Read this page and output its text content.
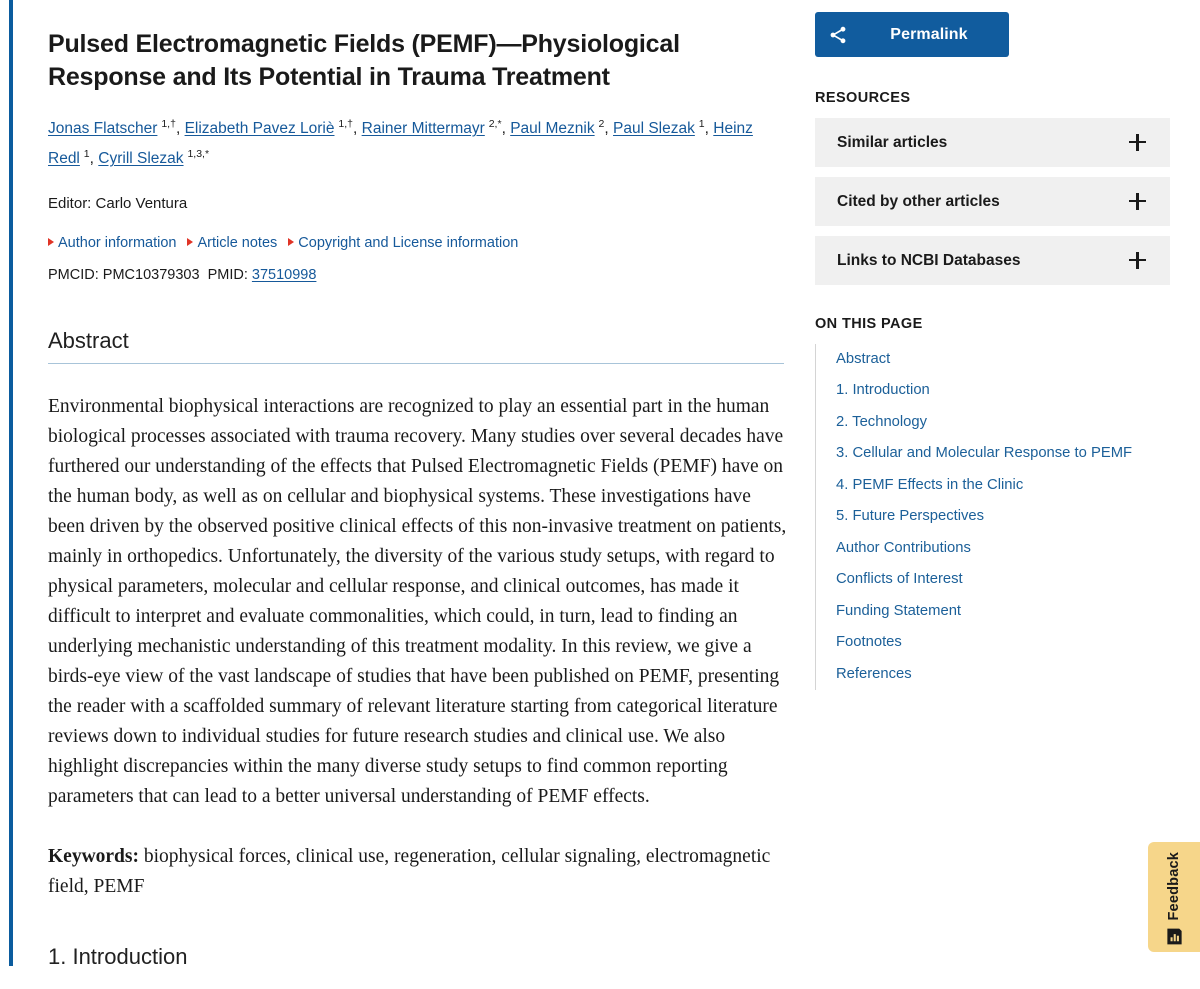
Pulsed Electromagnetic Fields (PEMF)—Physiological Response and Its Potential in Trauma Treatment
Jonas Flatscher $^{1,\dagger}$, Elizabeth Pavez Loriè $^{1,\dagger}$, Rainer Mittermayr $^{2,*}$, Paul Meznik $^2$, Paul Slezak $^1$, Heinz Redl $^1$, Cyrill Slezak $^{1,3,*}$
Editor: Carlo Ventura
Author information Article notes Copyright and License information
PMCID: PMC10379303 PMID: 37510998
Abstract

Environmental biophysical interactions are recognized to play an essential part in the human biological processes associated with trauma recovery. Many studies over several decades have furthered our understanding of the effects that Pulsed Electromagnetic Fields (PEMF) have on the human body, as well as on cellular and biophysical systems. These investigations have been driven by the observed positive clinical effects of this non-invasive treatment on patients, mainly in orthopedics. Unfortunately, the diversity of the various study setups, with regard to physical parameters, molecular and cellular response, and clinical outcomes, has made it difficult to interpret and evaluate commonalities, which could, in turn, lead to finding an underlying mechanistic understanding of this treatment modality. In this review, we give a birds-eye view of the vast landscape of studies that have been published on PEMF, presenting the reader with a scaffolded summary of relevant literature starting from categorical literature reviews down to individual studies for future research studies and clinical use. We also highlight discrepancies within the many diverse study setups to find common reporting parameters that can lead to a better universal understanding of PEMF effects.

Keywords: biophysical forces, clinical use, regeneration, cellular signaling, electromagnetic field, PEMF

1. Introduction
Permalink
RESOURCES
Similar articles
Cited by other articles
Links to NCBI Databases
ON THIS PAGE
Abstract
1. Introduction
2. Technology
3. Cellular and Molecular Response to PEMF
4. PEMF Effects in the Clinic
5. Future Perspectives
Author Contributions
Conflicts of Interest
Funding Statement
Footnotes
References
Feedback
